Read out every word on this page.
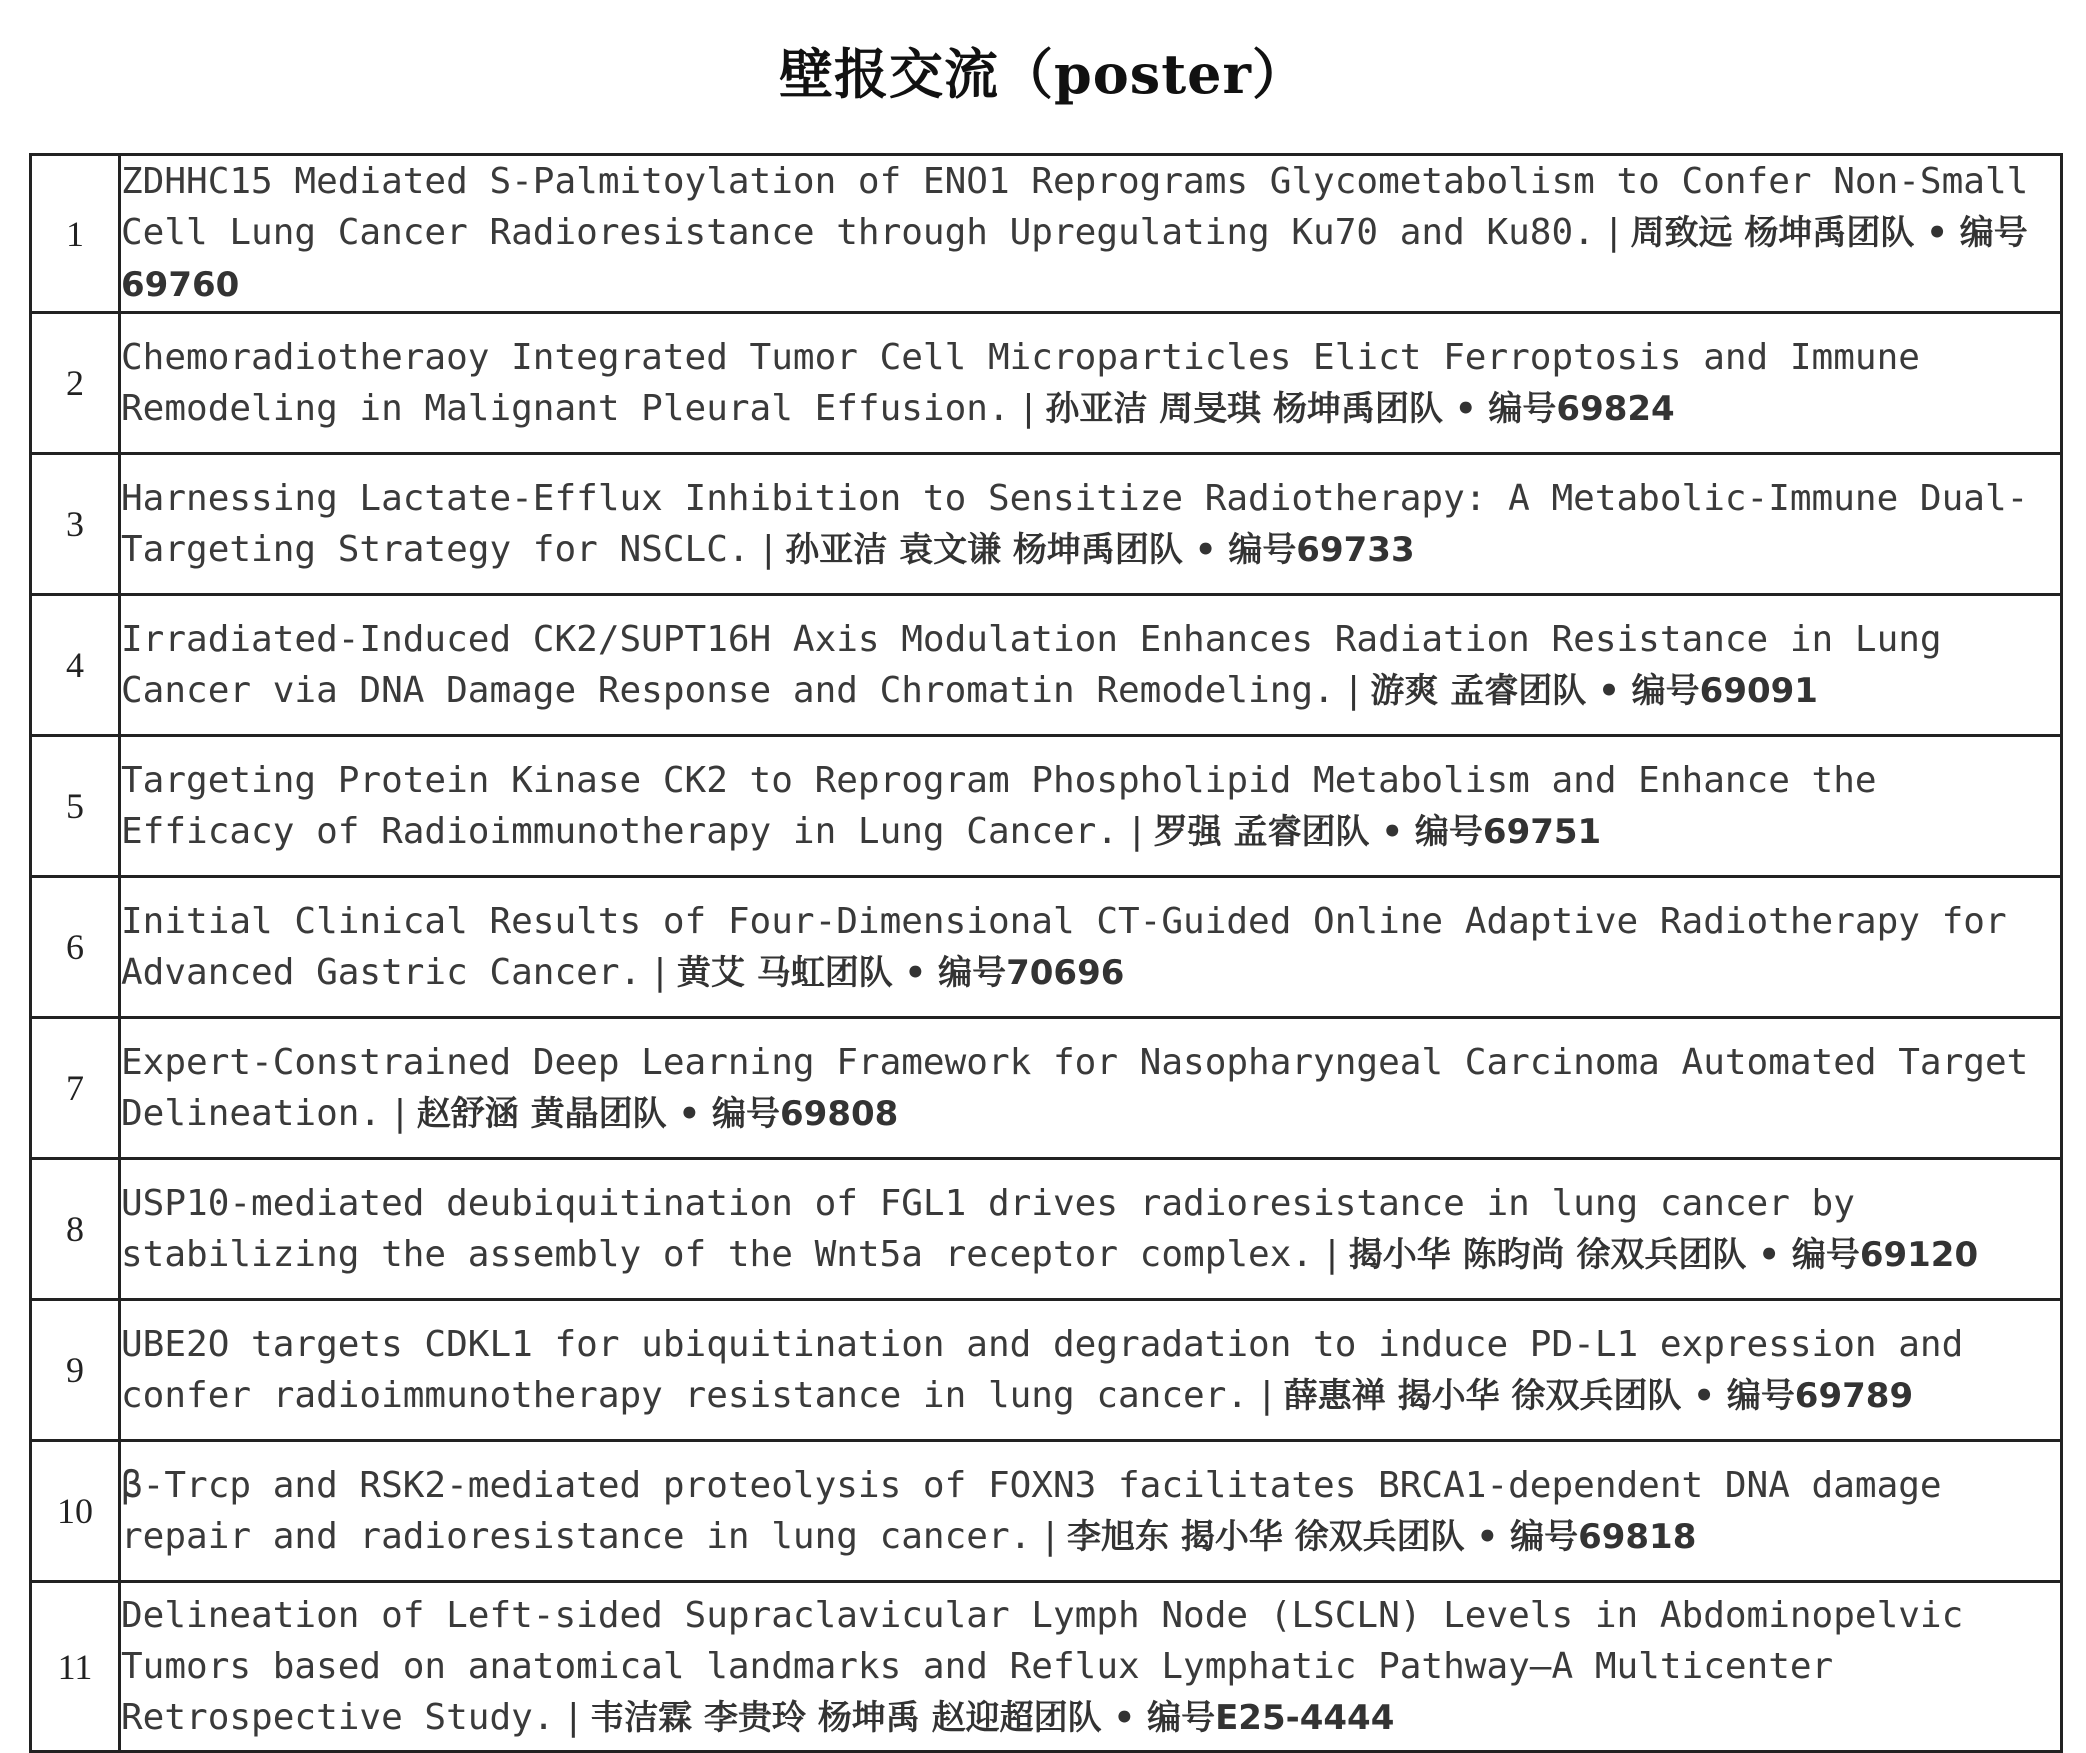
壁报交流（poster）
1	ZDHHC15 Mediated S-Palmitoylation of ENO1 Reprograms Glycometabolism to Confer Non-Small Cell Lung Cancer Radioresistance through Upregulating Ku70 and Ku80. | 周致远 杨坤禹团队 • 编号69760
2	Chemoradiotheraoy Integrated Tumor Cell Microparticles Elict Ferroptosis and Immune Remodeling in Malignant Pleural Effusion. | 孙亚洁 周旻琪 杨坤禹团队 • 编号69824
3	Harnessing Lactate-Efflux Inhibition to Sensitize Radiotherapy: A Metabolic-Immune Dual-Targeting Strategy for NSCLC. | 孙亚洁 袁文谦 杨坤禹团队 • 编号69733
4	Irradiated-Induced CK2/SUPT16H Axis Modulation Enhances Radiation Resistance in Lung Cancer via DNA Damage Response and Chromatin Remodeling. | 游爽 孟睿团队 • 编号69091
5	Targeting Protein Kinase CK2 to Reprogram Phospholipid Metabolism and Enhance the Efficacy of Radioimmunotherapy in Lung Cancer. | 罗强 孟睿团队 • 编号69751
6	Initial Clinical Results of Four-Dimensional CT-Guided Online Adaptive Radiotherapy for Advanced Gastric Cancer. | 黄艾 马虹团队 • 编号70696
7	Expert-Constrained Deep Learning Framework for Nasopharyngeal Carcinoma Automated Target Delineation. | 赵舒涵 黄晶团队 • 编号69808
8	USP10-mediated deubiquitination of FGL1 drives radioresistance in lung cancer by stabilizing the assembly of the Wnt5a receptor complex. | 揭小华 陈昀尚 徐双兵团队 • 编号69120
9	UBE2O targets CDKL1 for ubiquitination and degradation to induce PD-L1 expression and confer radioimmunotherapy resistance in lung cancer. | 薛惠禅 揭小华 徐双兵团队 • 编号69789
10	β-Trcp and RSK2-mediated proteolysis of FOXN3 facilitates BRCA1-dependent DNA damage repair and radioresistance in lung cancer. | 李旭东 揭小华 徐双兵团队 • 编号69818
11	Delineation of Left-sided Supraclavicular Lymph Node (LSCLN) Levels in Abdominopelvic Tumors based on anatomical landmarks and Reflux Lymphatic Pathway—A Multicenter Retrospective Study. | 韦洁霖 李贵玲 杨坤禹 赵迎超团队 • 编号E25-4444
